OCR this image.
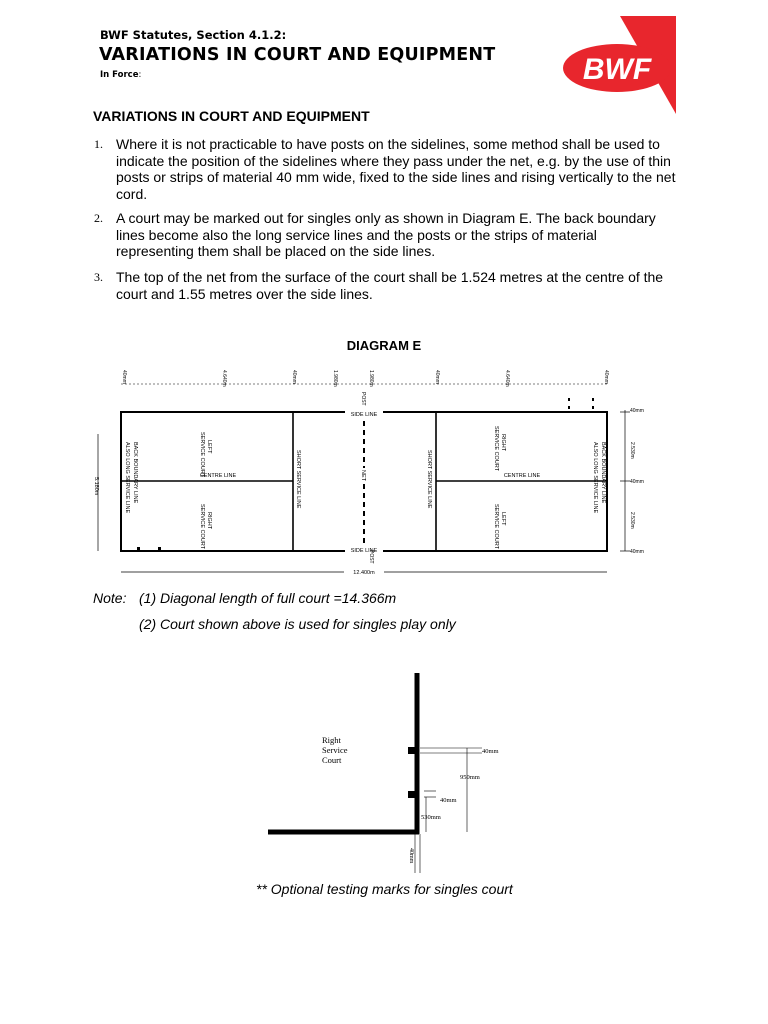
BWF Statutes, Section 4.1.2:
VARIATIONS IN COURT AND EQUIPMENT
In Force:	BWF
VARIATIONS IN COURT AND EQUIPMENT
1. Where it is not practicable to have posts on the sidelines, some method shall be used to indicate the position of the sidelines where they pass under the net, e.g. by the use of thin posts or strips of material 40 mm wide, fixed to the side lines and rising vertically to the net cord.
2. A court may be marked out for singles only as shown in Diagram E. The back boundary lines become also the long service lines and the posts or the strips of material representing them shall be placed on the side lines.
3. The top of the net from the surface of the court shall be 1.524 metres at the centre of the court and 1.55 metres over the side lines.
DIAGRAM E
40mm	4.640m	40mm	1.980m	1.980m	40mm	4.640m	40mm
5.180m
40mm
2.530m
40mm
2.530m
40mm
12.400m
POST
SIDE LINE
SIDE LINE
POST
CENTRE LINE	CENTRE LINE
NET
SHORT SERVICE LINE	SHORT SERVICE LINE
BACK BOUNDARY LINE
ALSO LONG SERVICE LINE	BACK BOUNDARY LINE
ALSO LONG SERVICE LINE
LEFT
SERVICE COURT
RIGHT
SERVICE COURT
RIGHT
SERVICE COURT
LEFT
SERVICE COURT
Note: (1) Diagonal length of full court =14.366m
(2) Court shown above is used for singles play only
Right
Service
Court
40mm
950mm
40mm
530mm
40mm
** Optional testing marks for singles court
